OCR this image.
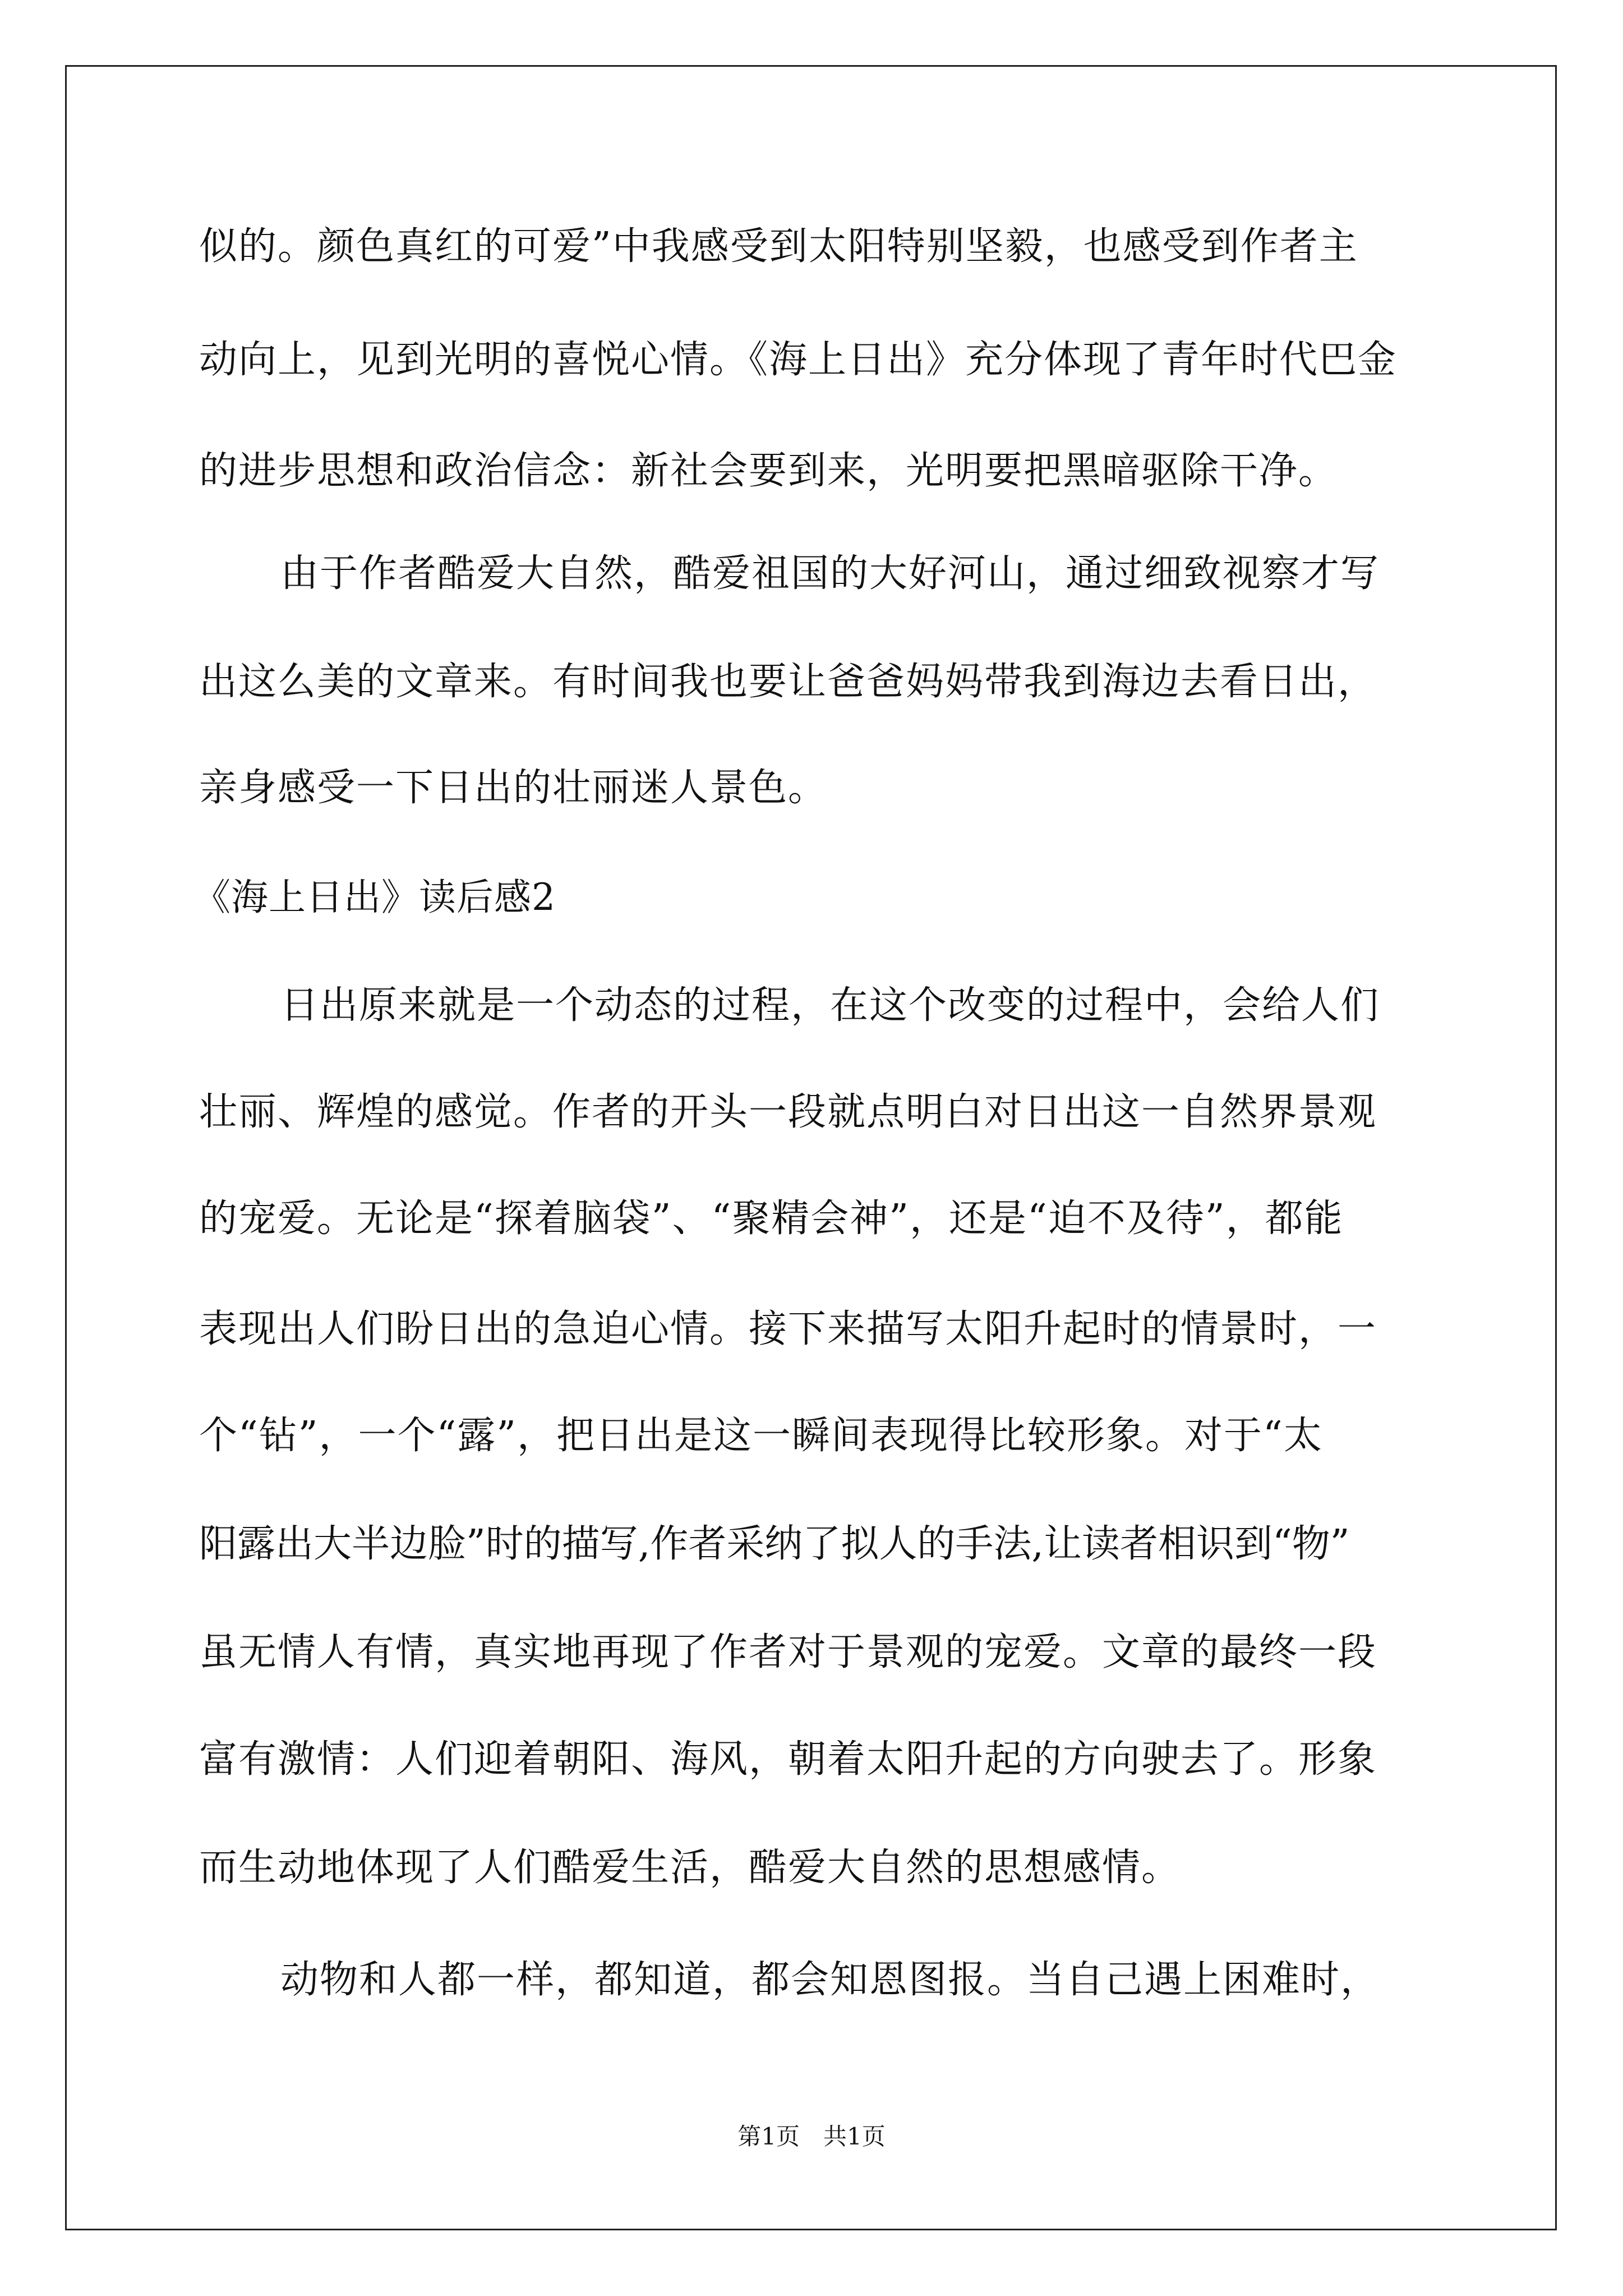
似的。颜色真红的可爱”中我感受到太阳特别坚毅，也感受到作者主
动向上，见到光明的喜悦心情。《海上日出》充分体现了青年时代巴金
的进步思想和政治信念：新社会要到来，光明要把黑暗驱除干净。
由于作者酷爱大自然，酷爱祖国的大好河山，通过细致视察才写
出这么美的文章来。有时间我也要让爸爸妈妈带我到海边去看日出，
亲身感受一下日出的壮丽迷人景色。
《海上日出》读后感2
日出原来就是一个动态的过程，在这个改变的过程中，会给人们
壮丽、辉煌的感觉。作者的开头一段就点明白对日出这一自然界景观
的宠爱。无论是“探着脑袋”、“聚精会神”，还是“迫不及待”，都能
表现出人们盼日出的急迫心情。接下来描写太阳升起时的情景时，一
个“钻”，一个“露”，把日出是这一瞬间表现得比较形象。对于“太
阳露出大半边脸”时的描写,作者采纳了拟人的手法,让读者相识到“物”
虽无情人有情，真实地再现了作者对于景观的宠爱。文章的最终一段
富有激情：人们迎着朝阳、海风，朝着太阳升起的方向驶去了。形象
而生动地体现了人们酷爱生活，酷爱大自然的思想感情。
动物和人都一样，都知道，都会知恩图报。当自己遇上困难时，
第1页　共1页
